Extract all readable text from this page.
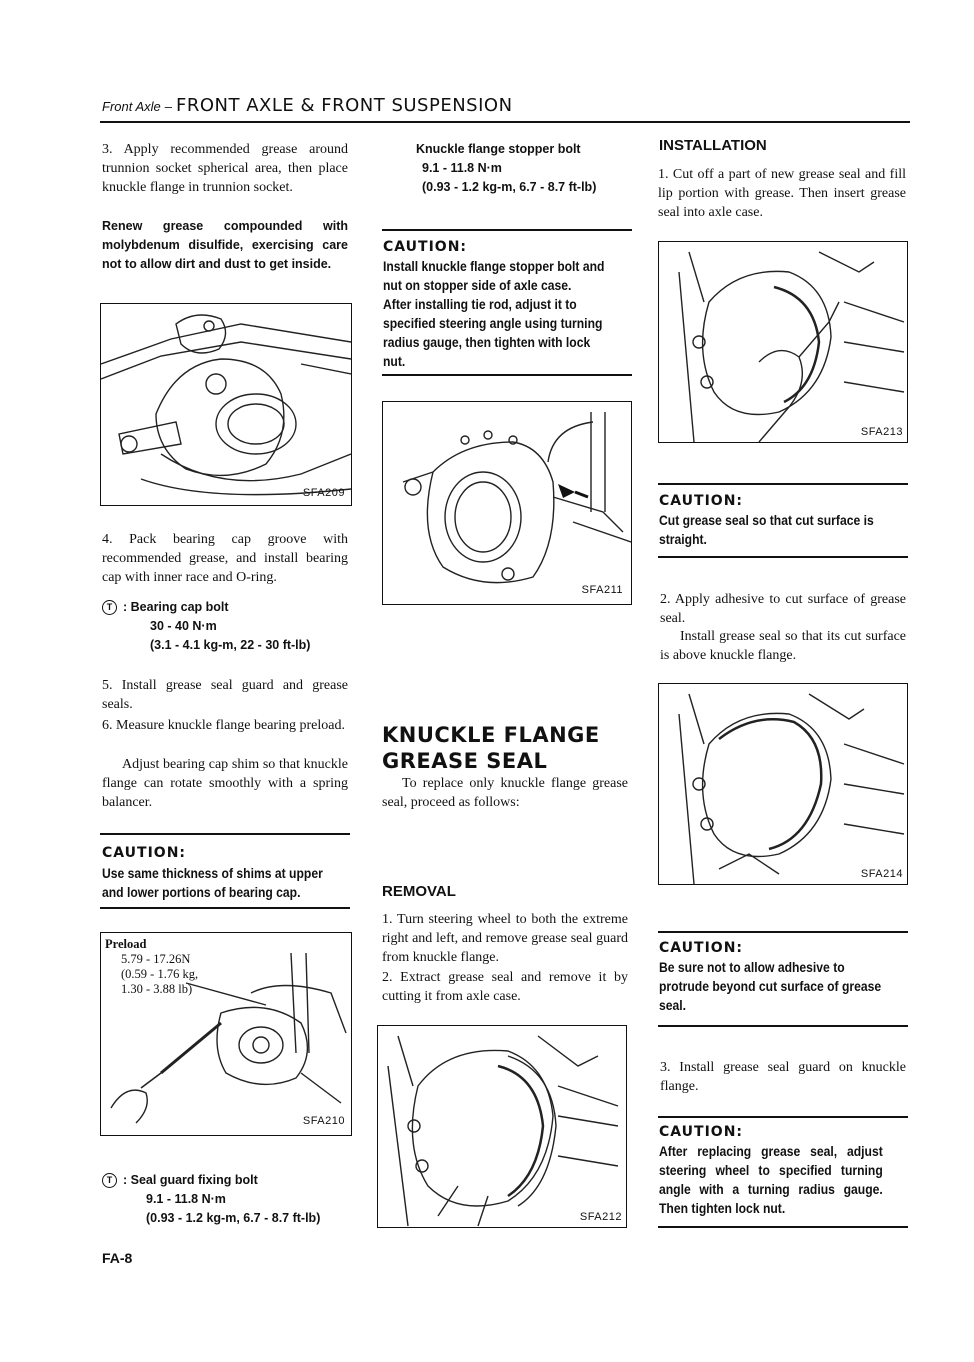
Front Axle – FRONT AXLE & FRONT SUSPENSION
3. Apply recommended grease around trunnion socket spherical area, then place knuckle flange in trunnion socket.
Renew grease compounded with molybdenum disulfide, exercising care not to allow dirt and dust to get inside.
SFA209
4. Pack bearing cap groove with recommended grease, and install bearing cap with inner race and O-ring.
T : Bearing cap bolt
30 - 40 N·m
(3.1 - 4.1 kg-m, 22 - 30 ft-lb)
5. Install grease seal guard and grease seals.
6. Measure knuckle flange bearing preload.
Adjust bearing cap shim so that knuckle flange can rotate smoothly with a spring balancer.
CAUTION:
Use same thickness of shims at upper and lower portions of bearing cap.
Preload
5.79 - 17.26N
(0.59 - 1.76 kg,
1.30 - 3.88 lb)
SFA210
T : Seal guard fixing bolt
9.1 - 11.8 N·m
(0.93 - 1.2 kg-m, 6.7 - 8.7 ft-lb)
FA-8
Knuckle flange stopper bolt
9.1 - 11.8 N·m
(0.93 - 1.2 kg-m, 6.7 - 8.7 ft-lb)
CAUTION:
Install knuckle flange stopper bolt and nut on stopper side of axle case.
After installing tie rod, adjust it to specified steering angle using turning radius gauge, then tighten with lock nut.
SFA211
KNUCKLE FLANGE
GREASE SEAL
To replace only knuckle flange grease seal, proceed as follows:
REMOVAL
1. Turn steering wheel to both the extreme right and left, and remove grease seal guard from knuckle flange.
2. Extract grease seal and remove it by cutting it from axle case.
SFA212
INSTALLATION
1. Cut off a part of new grease seal and fill lip portion with grease. Then insert grease seal into axle case.
SFA213
CAUTION:
Cut grease seal so that cut surface is straight.
2. Apply adhesive to cut surface of grease seal.
Install grease seal so that its cut surface is above knuckle flange.
SFA214
CAUTION:
Be sure not to allow adhesive to protrude beyond cut surface of grease seal.
3. Install grease seal guard on knuckle flange.
CAUTION:
After replacing grease seal, adjust steering wheel to specified turning angle with a turning radius gauge. Then tighten lock nut.
